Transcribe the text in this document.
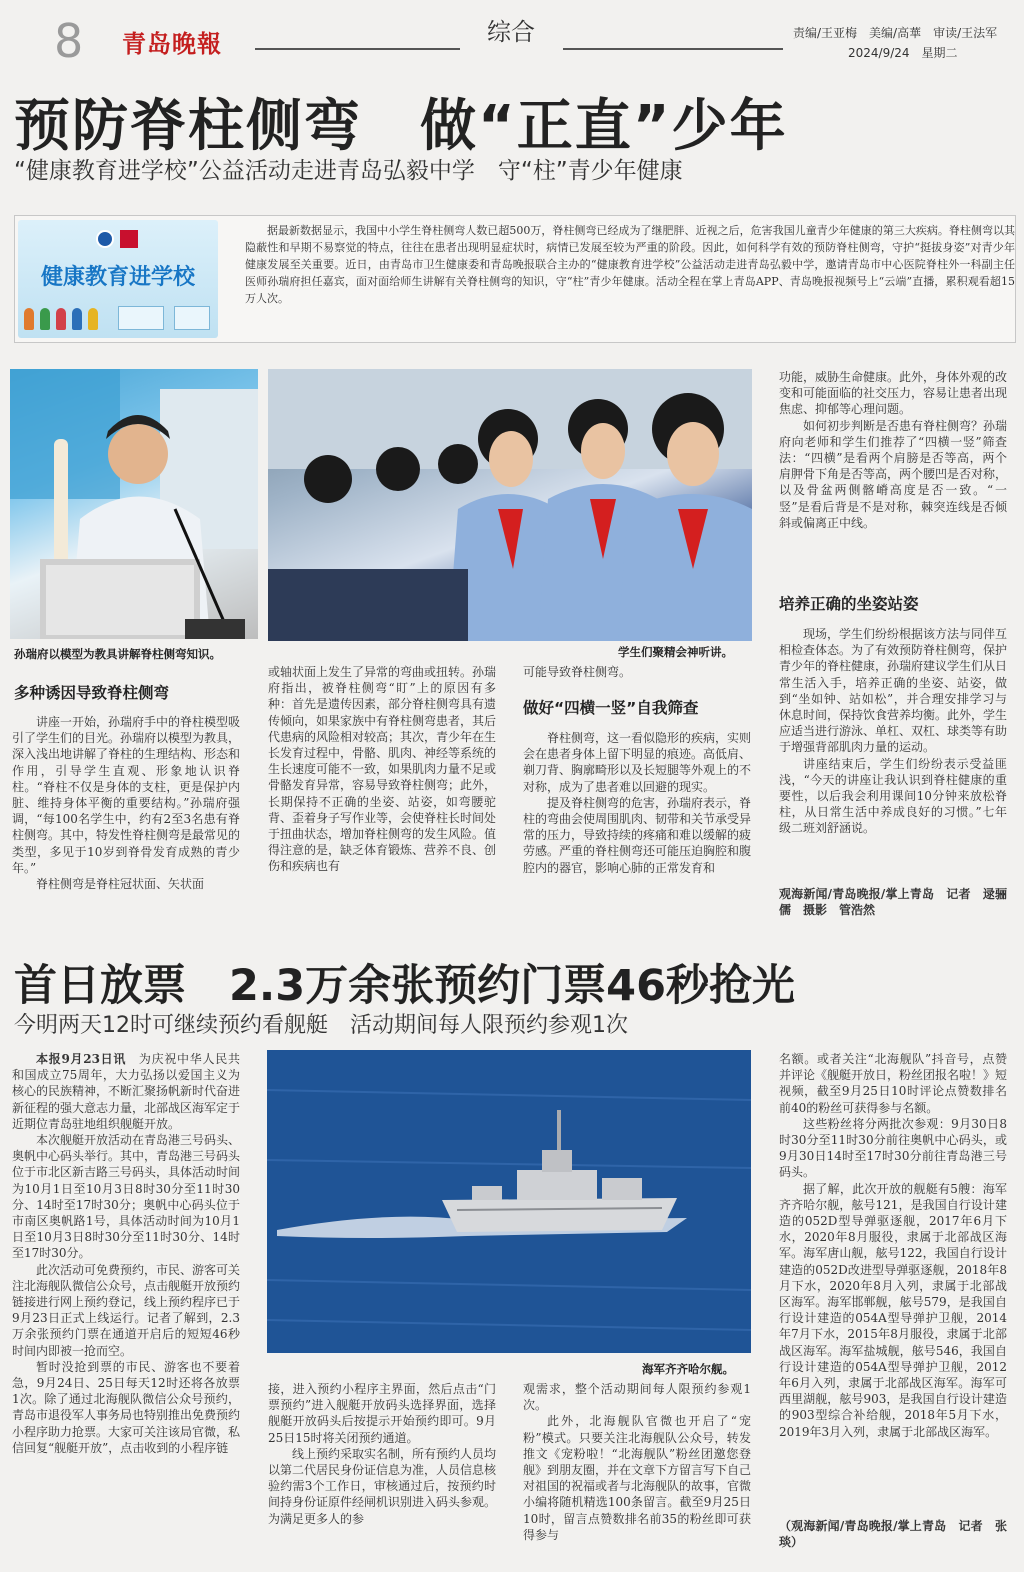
8 青岛晚報	综合	责编/王亚梅　美编/高華　审读/王法军
2024/9/24　星期二
预防脊柱侧弯　做“正直”少年
“健康教育进学校”公益活动走进青岛弘毅中学　守“柱”青少年健康
健康教育进学校
据最新数据显示，我国中小学生脊柱侧弯人数已超500万，脊柱侧弯已经成为了继肥胖、近视之后，危害我国儿童青少年健康的第三大疾病。脊柱侧弯以其隐蔽性和早期不易察觉的特点，往往在患者出现明显症状时，病情已发展至较为严重的阶段。因此，如何科学有效的预防脊柱侧弯，守护“挺拔身姿”对青少年健康发展至关重要。近日，由青岛市卫生健康委和青岛晚报联合主办的“健康教育进学校”公益活动走进青岛弘毅中学，邀请青岛市中心医院脊柱外一科副主任医师孙瑞府担任嘉宾，面对面给师生讲解有关脊柱侧弯的知识，守“柱”青少年健康。活动全程在掌上青岛APP、青岛晚报视频号上“云端”直播，累积观看超15万人次。
孙瑞府以模型为教具讲解脊柱侧弯知识。	学生们聚精会神听讲。
多种诱因导致脊柱侧弯

讲座一开始，孙瑞府手中的脊柱模型吸引了学生们的目光。孙瑞府以模型为教具，深入浅出地讲解了脊柱的生理结构、形态和作用，引导学生直观、形象地认识脊柱。“脊柱不仅是身体的支柱，更是保护内脏、维持身体平衡的重要结构。”孙瑞府强调，“每100名学生中，约有2至3名患有脊柱侧弯。其中，特发性脊柱侧弯是最常见的类型，多见于10岁到脊骨发育成熟的青少年。”

脊柱侧弯是脊柱冠状面、矢状面

或轴状面上发生了异常的弯曲或扭转。孙瑞府指出，被脊柱侧弯“盯”上的原因有多种：首先是遗传因素，部分脊柱侧弯具有遗传倾向，如果家族中有脊柱侧弯患者，其后代患病的风险相对较高；其次，青少年在生长发育过程中，骨骼、肌肉、神经等系统的生长速度可能不一致，如果肌肉力量不足或骨骼发育异常，容易导致脊柱侧弯；此外，长期保持不正确的坐姿、站姿，如弯腰驼背、歪着身子写作业等，会使脊柱长时间处于扭曲状态，增加脊柱侧弯的发生风险。值得注意的是，缺乏体育锻炼、营养不良、创伤和疾病也有

可能导致脊柱侧弯。

做好“四横一竖”自我筛查

脊柱侧弯，这一看似隐形的疾病，实则会在患者身体上留下明显的痕迹。高低肩、剃刀背、胸廓畸形以及长短腿等外观上的不对称，成为了患者难以回避的现实。

提及脊柱侧弯的危害，孙瑞府表示，脊柱的弯曲会使周围肌肉、韧带和关节承受异常的压力，导致持续的疼痛和难以缓解的疲劳感。严重的脊柱侧弯还可能压迫胸腔和腹腔内的器官，影响心肺的正常发育和

功能，威胁生命健康。此外，身体外观的改变和可能面临的社交压力，容易让患者出现焦虑、抑郁等心理问题。

如何初步判断是否患有脊柱侧弯？孙瑞府向老师和学生们推荐了“四横一竖”筛查法：“四横”是看两个肩膀是否等高，两个肩胛骨下角是否等高，两个腰凹是否对称，以及骨盆两侧髂嵴高度是否一致。“一竖”是看后背是不是对称，棘突连线是否倾斜或偏离正中线。

培养正确的坐姿站姿

现场，学生们纷纷根据该方法与同伴互相检查体态。为了有效预防脊柱侧弯，保护青少年的脊柱健康，孙瑞府建议学生们从日常生活入手，培养正确的坐姿、站姿，做到“坐如钟、站如松”，并合理安排学习与休息时间，保持饮食营养均衡。此外，学生应适当进行游泳、单杠、双杠、球类等有助于增强背部肌肉力量的运动。

讲座结束后，学生们纷纷表示受益匪浅，“今天的讲座让我认识到脊柱健康的重要性，以后我会利用课间10分钟来放松脊柱，从日常生活中养成良好的习惯。”七年级二班刘舒涵说。

观海新闻/青岛晚报/掌上青岛　记者　逯骊儒　摄影　管浩然
首日放票　2.3万余张预约门票46秒抢光
今明两天12时可继续预约看舰艇　活动期间每人限预约参观1次

本报9月23日讯　 为庆祝中华人民共和国成立75周年，大力弘扬以爱国主义为核心的民族精神，不断汇聚扬帆新时代奋进新征程的强大意志力量，北部战区海军定于近期位青岛驻地组织舰艇开放。

本次舰艇开放活动在青岛港三号码头、奥帆中心码头举行。其中，青岛港三号码头位于市北区新吉路三号码头，具体活动时间为10月1日至10月3日8时30分至11时30分、14时至17时30分；奥帆中心码头位于市南区奥帆路1号，具体活动时间为10月1日至10月3日8时30分至11时30分、14时至17时30分。

此次活动可免费预约，市民、游客可关注北海舰队微信公众号，点击舰艇开放预约链接进行网上预约登记，线上预约程序已于9月23日正式上线运行。记者了解到，2.3万余张预约门票在通道开启后的短短46秒时间内即被一抢而空。

暂时没抢到票的市民、游客也不要着急，9月24日、25日每天12时还将各放票1次。除了通过北海舰队微信公众号预约，青岛市退役军人事务局也特别推出免费预约小程序助力抢票。大家可关注该局官微，私信回复“舰艇开放”，点击收到的小程序链

海军齐齐哈尔舰。

接，进入预约小程序主界面，然后点击“门票预约”进入舰艇开放码头选择界面，选择舰艇开放码头后按提示开始预约即可。9月25日15时将关闭预约通道。

线上预约采取实名制，所有预约人员均以第二代居民身份证信息为准，人员信息核验约需3个工作日，审核通过后，按预约时间持身份证原件经闸机识别进入码头参观。为满足更多人的参

观需求，整个活动期间每人限预约参观1次。

此外，北海舰队官微也开启了“宠粉”模式。只要关注北海舰队公众号，转发推文《宠粉啦！“北海舰队”粉丝团邀您登舰》到朋友圈，并在文章下方留言写下自己对祖国的祝福或者与北海舰队的故事，官微小编将随机精选100条留言。截至9月25日10时，留言点赞数排名前35的粉丝即可获得参与

名额。或者关注“北海舰队”抖音号，点赞并评论《舰艇开放日，粉丝团报名啦！》短视频，截至9月25日10时评论点赞数排名前40的粉丝可获得参与名额。

这些粉丝将分两批次参观：9月30日8时30分至11时30分前往奥帆中心码头，或9月30日14时至17时30分前往青岛港三号码头。

据了解，此次开放的舰艇有5艘：海军齐齐哈尔舰，舷号121，是我国自行设计建造的052D型导弹驱逐舰，2017年6月下水，2020年8月服役，隶属于北部战区海军。海军唐山舰，舷号122，我国自行设计建造的052D改进型导弹驱逐舰，2018年8月下水，2020年8月入列，隶属于北部战区海军。海军邯郸舰，舷号579，是我国自行设计建造的054A型导弹护卫舰，2014年7月下水，2015年8月服役，隶属于北部战区海军。海军盐城舰，舷号546，我国自行设计建造的054A型导弹护卫舰，2012年6月入列，隶属于北部战区海军。海军可西里湖舰，舷号903，是我国自行设计建造的903型综合补给舰，2018年5月下水，2019年3月入列，隶属于北部战区海军。

（观海新闻/青岛晚报/掌上青岛　记者　张琰）
